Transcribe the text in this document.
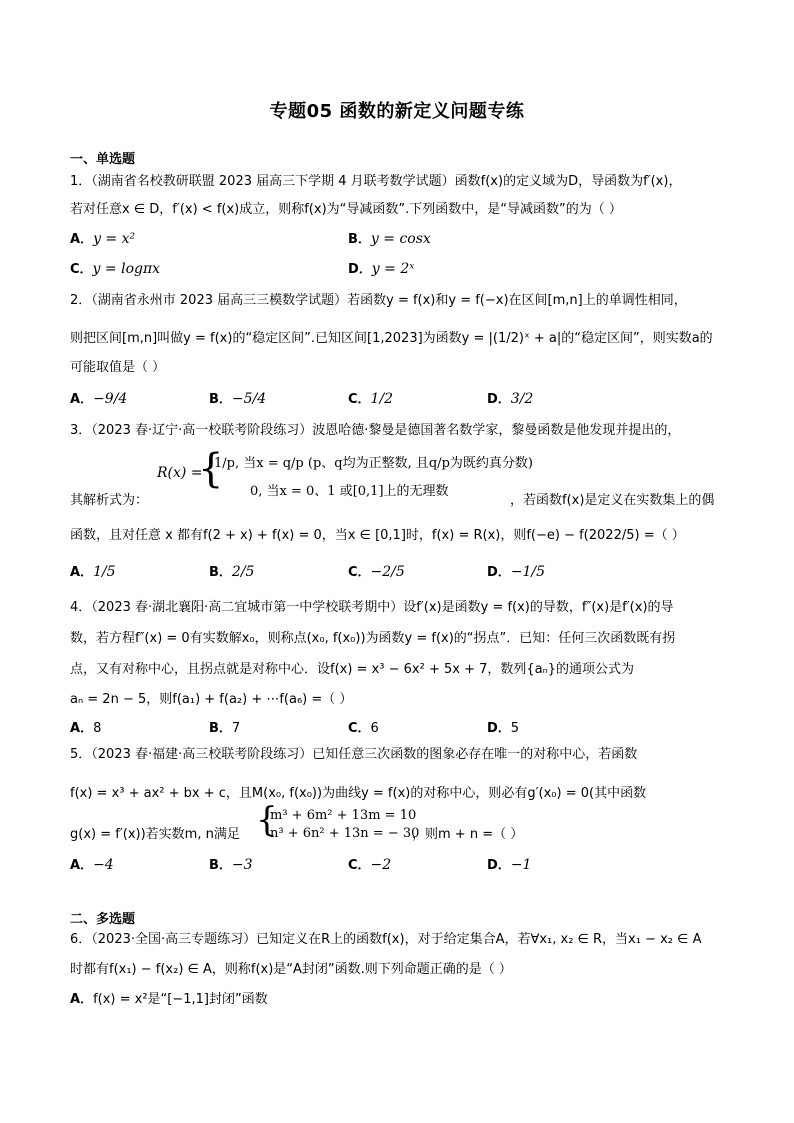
专题05 函数的新定义问题专练
一、单选题
1．（湖南省名校教研联盟 2023 届高三下学期 4 月联考数学试题）函数f(x)的定义域为D，导函数为f′(x)，
若对任意x ∈ D，f′(x) < f(x)成立，则称f(x)为“导减函数”.下列函数中，是“导减函数”的为（ ）
A．y = x²	B．y = cosx
C．y = logπx	D．y = 2ˣ
2．（湖南省永州市 2023 届高三三模数学试题）若函数y = f(x)和y = f(−x)在区间[m,n]上的单调性相同，
则把区间[m,n]叫做y = f(x)的“稳定区间”.已知区间[1,2023]为函数y = |(1/2)ˣ + a|的“稳定区间”，则实数a的
可能取值是（ ）
A．−9/4	B．−5/4	C．1/2	D．3/2
3．（2023 春·辽宁·高一校联考阶段练习）波恩哈德·黎曼是德国著名数学家，黎曼函数是他发现并提出的，
R(x) =
{
1/p, 当x = q/p (p、q均为正整数, 且q/p为既约真分数)
0, 当x = 0、1 或[0,1]上的无理数
其解析式为：	，若函数f(x)是定义在实数集上的偶
函数，且对任意 x 都有f(2 + x) + f(x) = 0，当x ∈ [0,1]时，f(x) = R(x)，则f(−e) − f(2022/5) =（ ）
A．1/5	B．2/5	C．−2/5	D．−1/5
4．（2023 春·湖北襄阳·高二宜城市第一中学校联考期中）设f′(x)是函数y = f(x)的导数，f″(x)是f′(x)的导
数，若方程f″(x) = 0有实数解x₀，则称点(x₀, f(x₀))为函数y = f(x)的“拐点”．已知：任何三次函数既有拐
点，又有对称中心，且拐点就是对称中心．设f(x) = x³ − 6x² + 5x + 7，数列{aₙ}的通项公式为
aₙ = 2n − 5，则f(a₁) + f(a₂) + ⋯f(a₆) =（ ）
A．8	B．7	C．6	D．5
5．（2023 春·福建·高三校联考阶段练习）已知任意三次函数的图象必存在唯一的对称中心，若函数
f(x) = x³ + ax² + bx + c，且M(x₀, f(x₀))为曲线y = f(x)的对称中心，则必有g′(x₀) = 0(其中函数
g(x) = f′(x))若实数m, n满足 {
m³ + 6m² + 13m = 10
n³ + 6n² + 13n = − 30
，则m + n =（ ）
A．−4	B．−3	C．−2	D．−1
二、多选题
6．（2023·全国·高三专题练习）已知定义在R上的函数f(x)，对于给定集合A，若∀x₁, x₂ ∈ R，当x₁ − x₂ ∈ A
时都有f(x₁) − f(x₂) ∈ A，则称f(x)是“A封闭”函数.则下列命题正确的是（ ）
A．f(x) = x²是“[−1,1]封闭”函数
